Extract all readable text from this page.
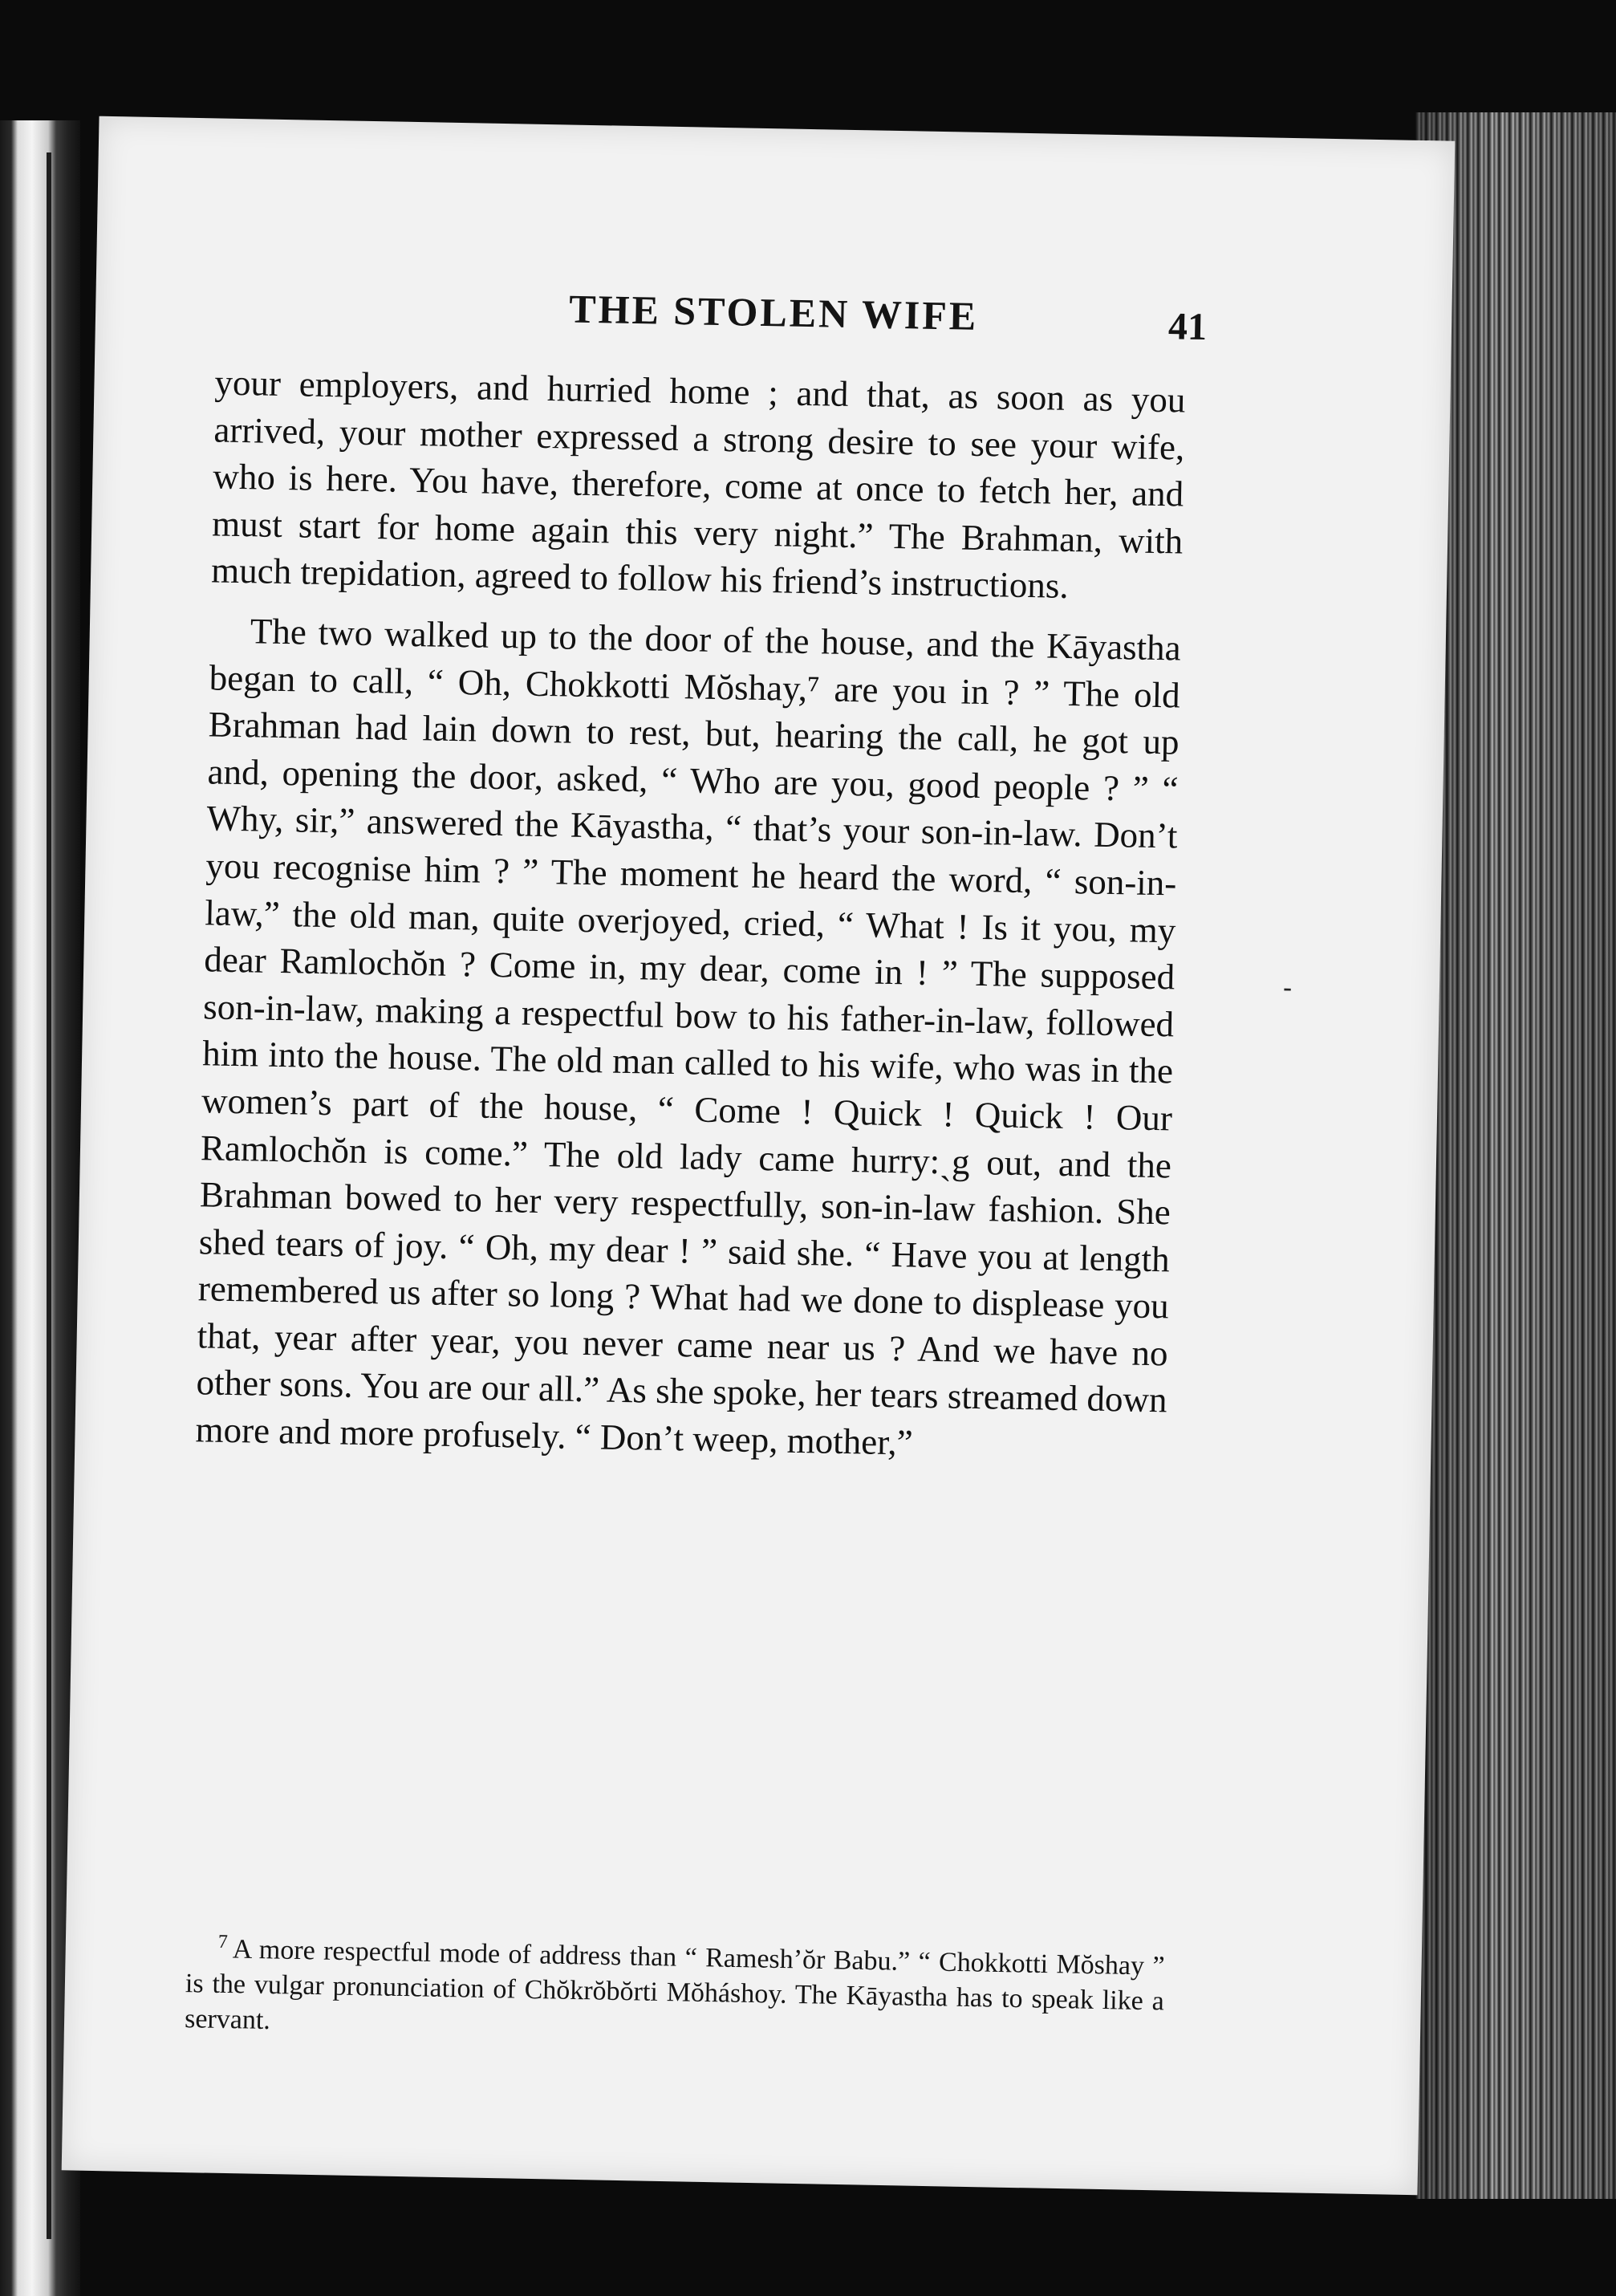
THE STOLEN WIFE	41

your employers, and hurried home ; and that, as soon as you arrived, your mother expressed a strong desire to see your wife, who is here. You have, therefore, come at once to fetch her, and must start for home again this very night.” The Brahman, with much trepidation, agreed to follow his friend’s instructions.

The two walked up to the door of the house, and the Kāyastha began to call, “ Oh, Chokkotti Mŏshay,⁷ are you in ? ” The old Brahman had lain down to rest, but, hearing the call, he got up and, opening the door, asked, “ Who are you, good people ? ” “ Why, sir,” answered the Kāyastha, “ that’s your son-in-law. Don’t you recognise him ? ” The moment he heard the word, “ son-in-law,” the old man, quite overjoyed, cried, “ What ! Is it you, my dear Ramlochŏn ? Come in, my dear, come in ! ” The supposed son-in-law, making a respectful bow to his father-in-law, followed him into the house. The old man called to his wife, who was in the women’s part of the house, “ Come ! Quick ! Quick ! Our Ramlochŏn is come.” The old lady came hurry:ˎg out, and the Brahman bowed to her very respectfully, son-in-law fashion. She shed tears of joy. “ Oh, my dear ! ” said she. “ Have you at length remembered us after so long ? What had we done to displease you that, year after year, you never came near us ? And we have no other sons. You are our all.” As she spoke, her tears streamed down more and more profusely. “ Don’t weep, mother,”

-

$^7$ A more respectful mode of address than “ Ramesh’ŏr Babu.” “ Chokkotti Mŏshay ” is the vulgar pronunciation of Chŏkrŏbŏrti Mŏháshoy. The Kāyastha has to speak like a servant.
